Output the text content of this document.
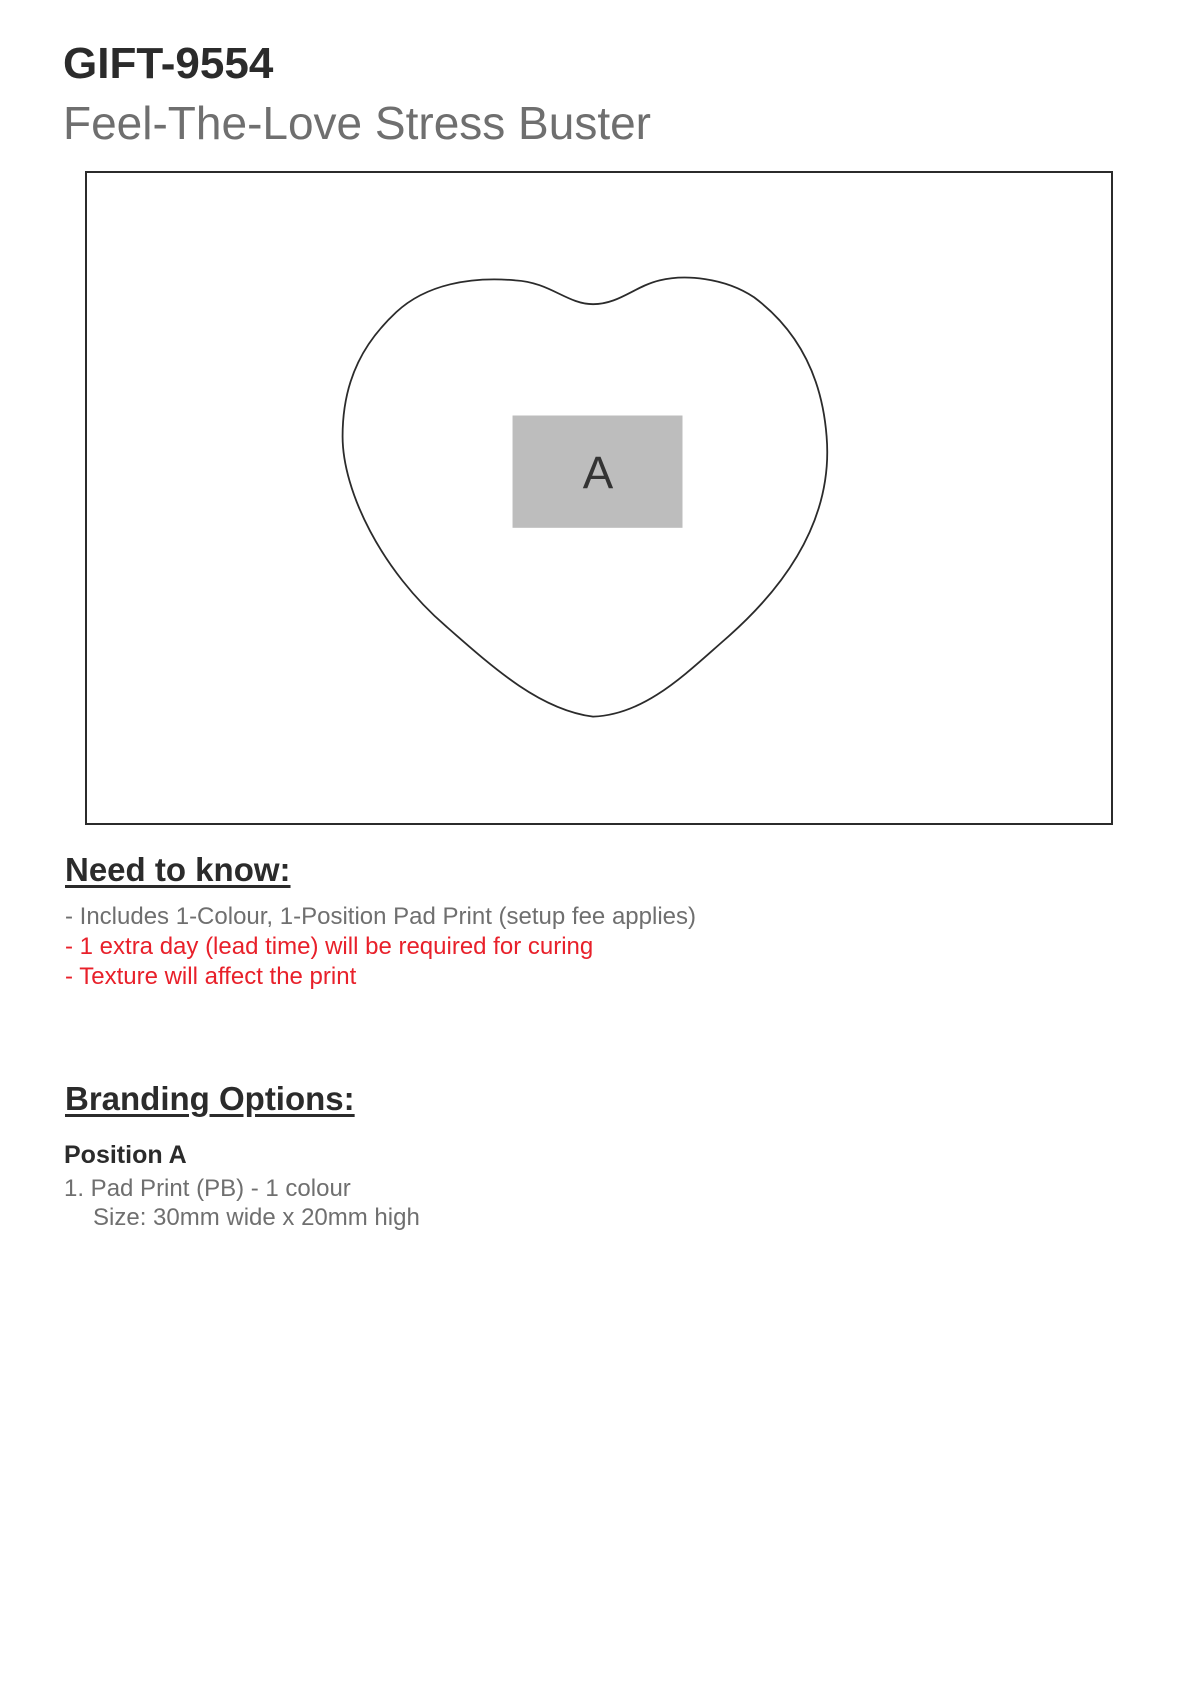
GIFT-9554
Feel-The-Love Stress Buster
A
Need to know:
- Includes 1-Colour, 1-Position Pad Print (setup fee applies)
- 1 extra day (lead time) will be required for curing
- Texture will affect the print
Branding Options:

Position A

1. Pad Print (PB) - 1 colour

Size: 30mm wide x 20mm high
